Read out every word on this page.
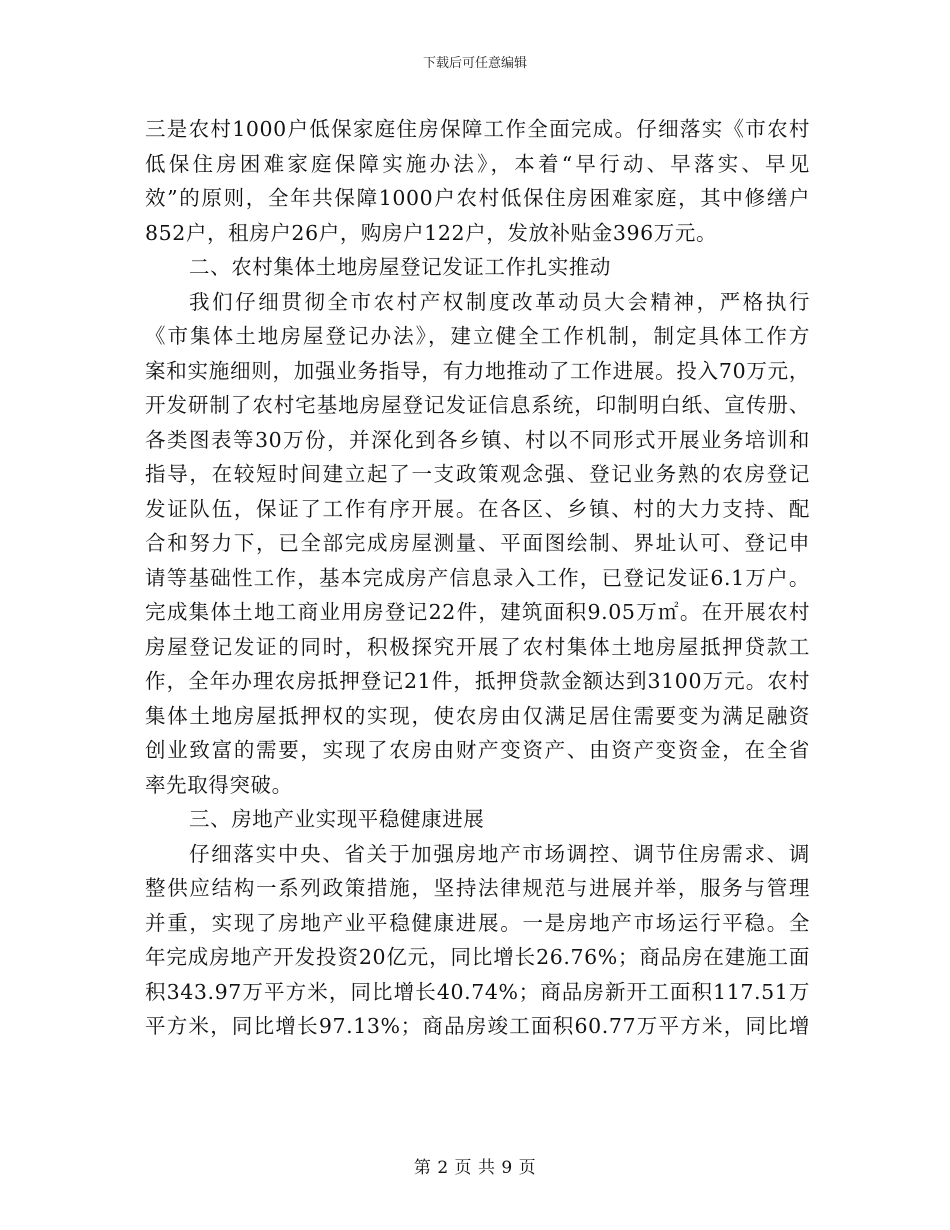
下载后可任意编辑
三是农村1000户低保家庭住房保障工作全面完成。仔细落实《市农村
低保住房困难家庭保障实施办法》，本着“早行动、早落实、早见
效”的原则，全年共保障1000户农村低保住房困难家庭，其中修缮户
852户，租房户26户，购房户122户，发放补贴金396万元。
二、农村集体土地房屋登记发证工作扎实推动
我们仔细贯彻全市农村产权制度改革动员大会精神，严格执行
《市集体土地房屋登记办法》，建立健全工作机制，制定具体工作方
案和实施细则，加强业务指导，有力地推动了工作进展。投入70万元，
开发研制了农村宅基地房屋登记发证信息系统，印制明白纸、宣传册、
各类图表等30万份，并深化到各乡镇、村以不同形式开展业务培训和
指导，在较短时间建立起了一支政策观念强、登记业务熟的农房登记
发证队伍，保证了工作有序开展。在各区、乡镇、村的大力支持、配
合和努力下，已全部完成房屋测量、平面图绘制、界址认可、登记申
请等基础性工作，基本完成房产信息录入工作，已登记发证6.1万户。
完成集体土地工商业用房登记22件，建筑面积9.05万㎡。在开展农村
房屋登记发证的同时，积极探究开展了农村集体土地房屋抵押贷款工
作，全年办理农房抵押登记21件，抵押贷款金额达到3100万元。农村
集体土地房屋抵押权的实现，使农房由仅满足居住需要变为满足融资
创业致富的需要，实现了农房由财产变资产、由资产变资金，在全省
率先取得突破。
三、房地产业实现平稳健康进展
仔细落实中央、省关于加强房地产市场调控、调节住房需求、调
整供应结构一系列政策措施，坚持法律规范与进展并举，服务与管理
并重，实现了房地产业平稳健康进展。一是房地产市场运行平稳。全
年完成房地产开发投资20亿元，同比增长26.76%；商品房在建施工面
积343.97万平方米，同比增长40.74%；商品房新开工面积117.51万
平方米，同比增长97.13%；商品房竣工面积60.77万平方米，同比增
第 2 页 共 9 页
